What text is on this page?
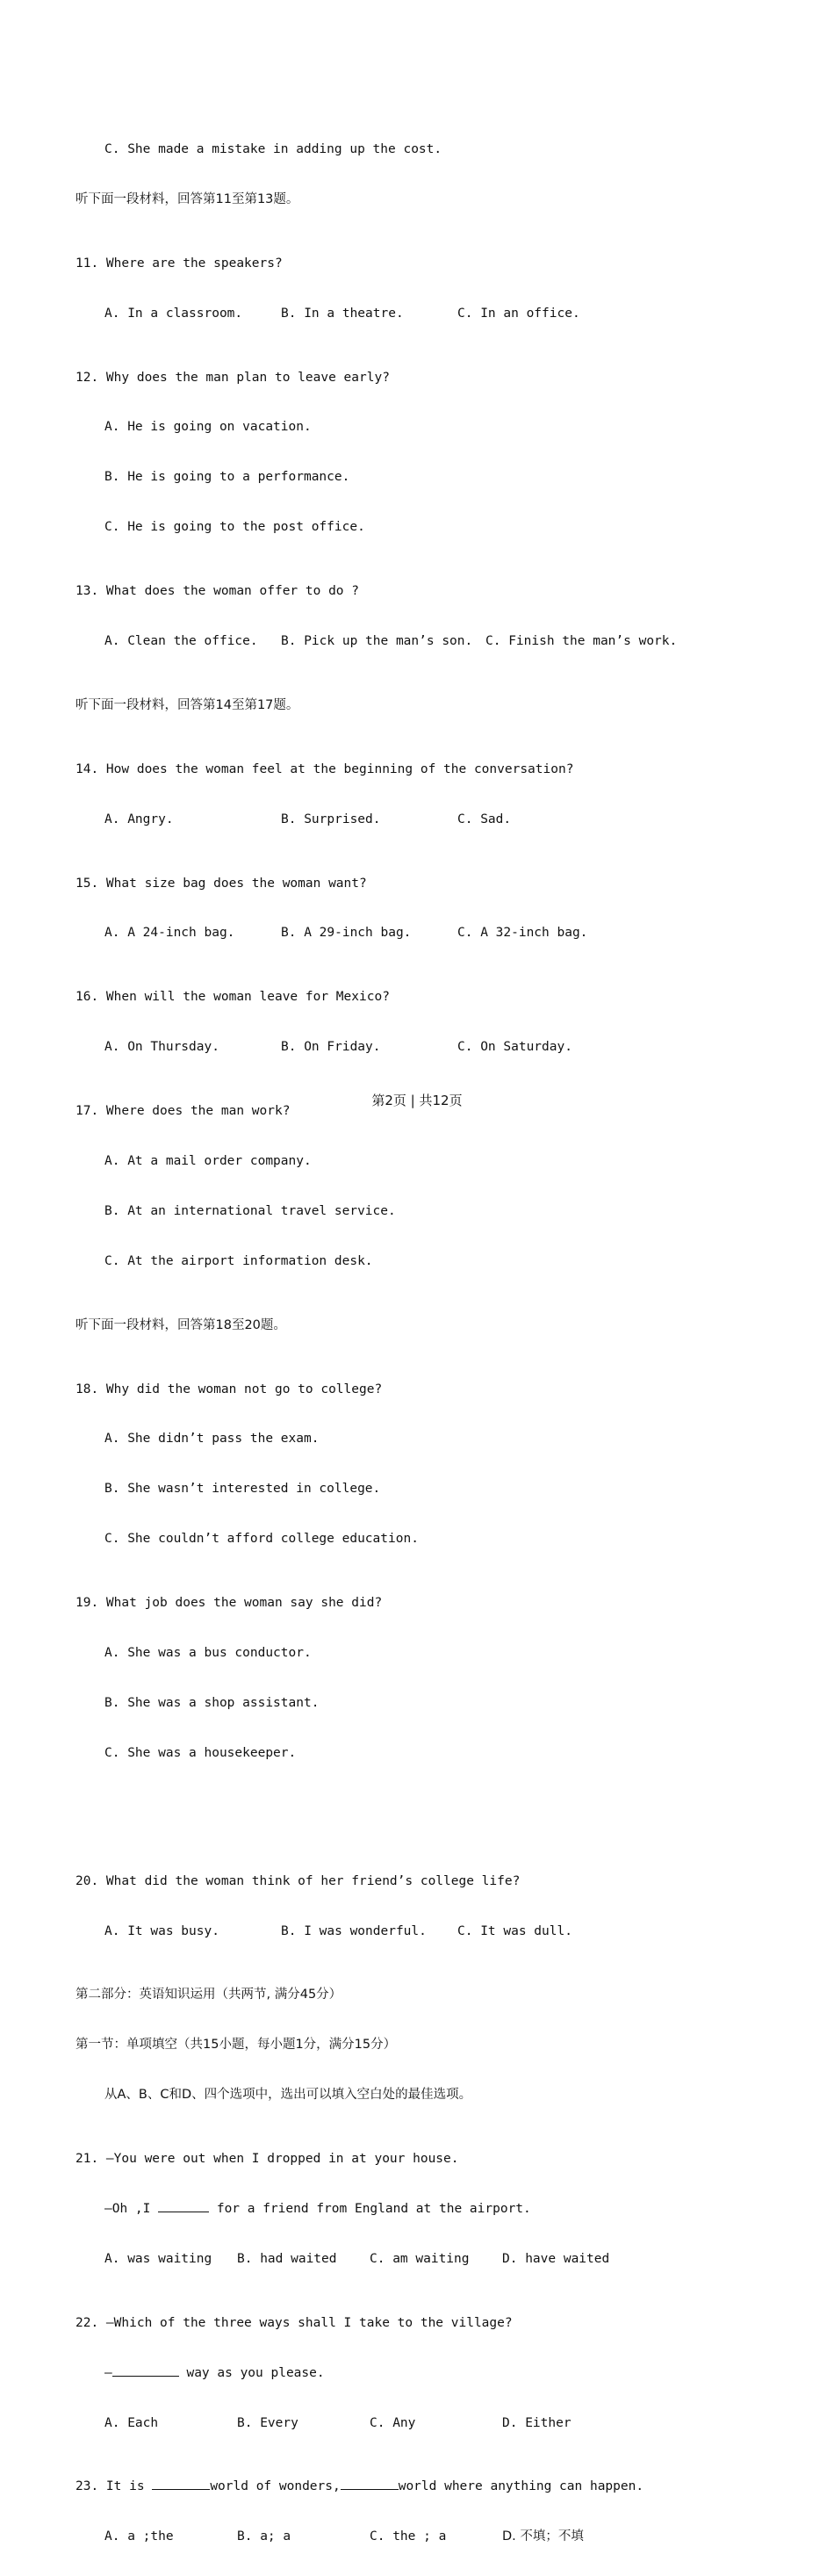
C. She made a mistake in adding up the cost.

听下面一段材料，回答第11至第13题。

11. Where are the speakers?

A. In a classroom.	B. In a theatre.	C. In an office.

12. Why does the man plan to leave early?

A. He is going on vacation.

B. He is going to a performance.

C. He is going to the post office.

13. What does the woman offer to do ?

A. Clean the office. B. Pick up the man’s son. C. Finish the man’s work.

听下面一段材料，回答第14至第17题。

14. How does the woman feel at the beginning of the conversation?

A. Angry.	B. Surprised.	C. Sad.

15. What size bag does the woman want?

A. A 24-inch bag.	B. A 29-inch bag.	C. A 32-inch bag.

16. When will the woman leave for Mexico?

A. On Thursday.	B. On Friday.	C. On Saturday.

17. Where does the man work?

A. At a mail order company.

B. At an international travel service.

C. At the airport information desk.

听下面一段材料，回答第18至20题。

18. Why did the woman not go to college?

A. She didn’t pass the exam.

B. She wasn’t interested in college.

C. She couldn’t afford college education.

19. What job does the woman say she did?

A. She was a bus conductor.

B. She was a shop assistant.

C. She was a housekeeper.

20. What did the woman think of her friend’s college life?

A. It was busy.	B. I was wonderful. C. It was dull.

第二部分：英语知识运用（共两节, 满分45分）

第一节：单项填空（共15小题，每小题1分，满分15分）

从A、B、C和D、四个选项中，选出可以填入空白处的最佳选项。

21. —You were out when I dropped in at your house.

—Oh ,I	for a friend from England at the airport.

A. was waiting B. had waited	C. am waiting	D. have waited

22. —Which of the three ways shall I take to the village?

—	way as you please.

A. Each	B. Every	C. Any	D. Either

23. It is	world of wonders,	world where anything can happen.

A. a ;the	B. a; a	C. the ; a	D. 不填；不填

第2页 | 共12页
